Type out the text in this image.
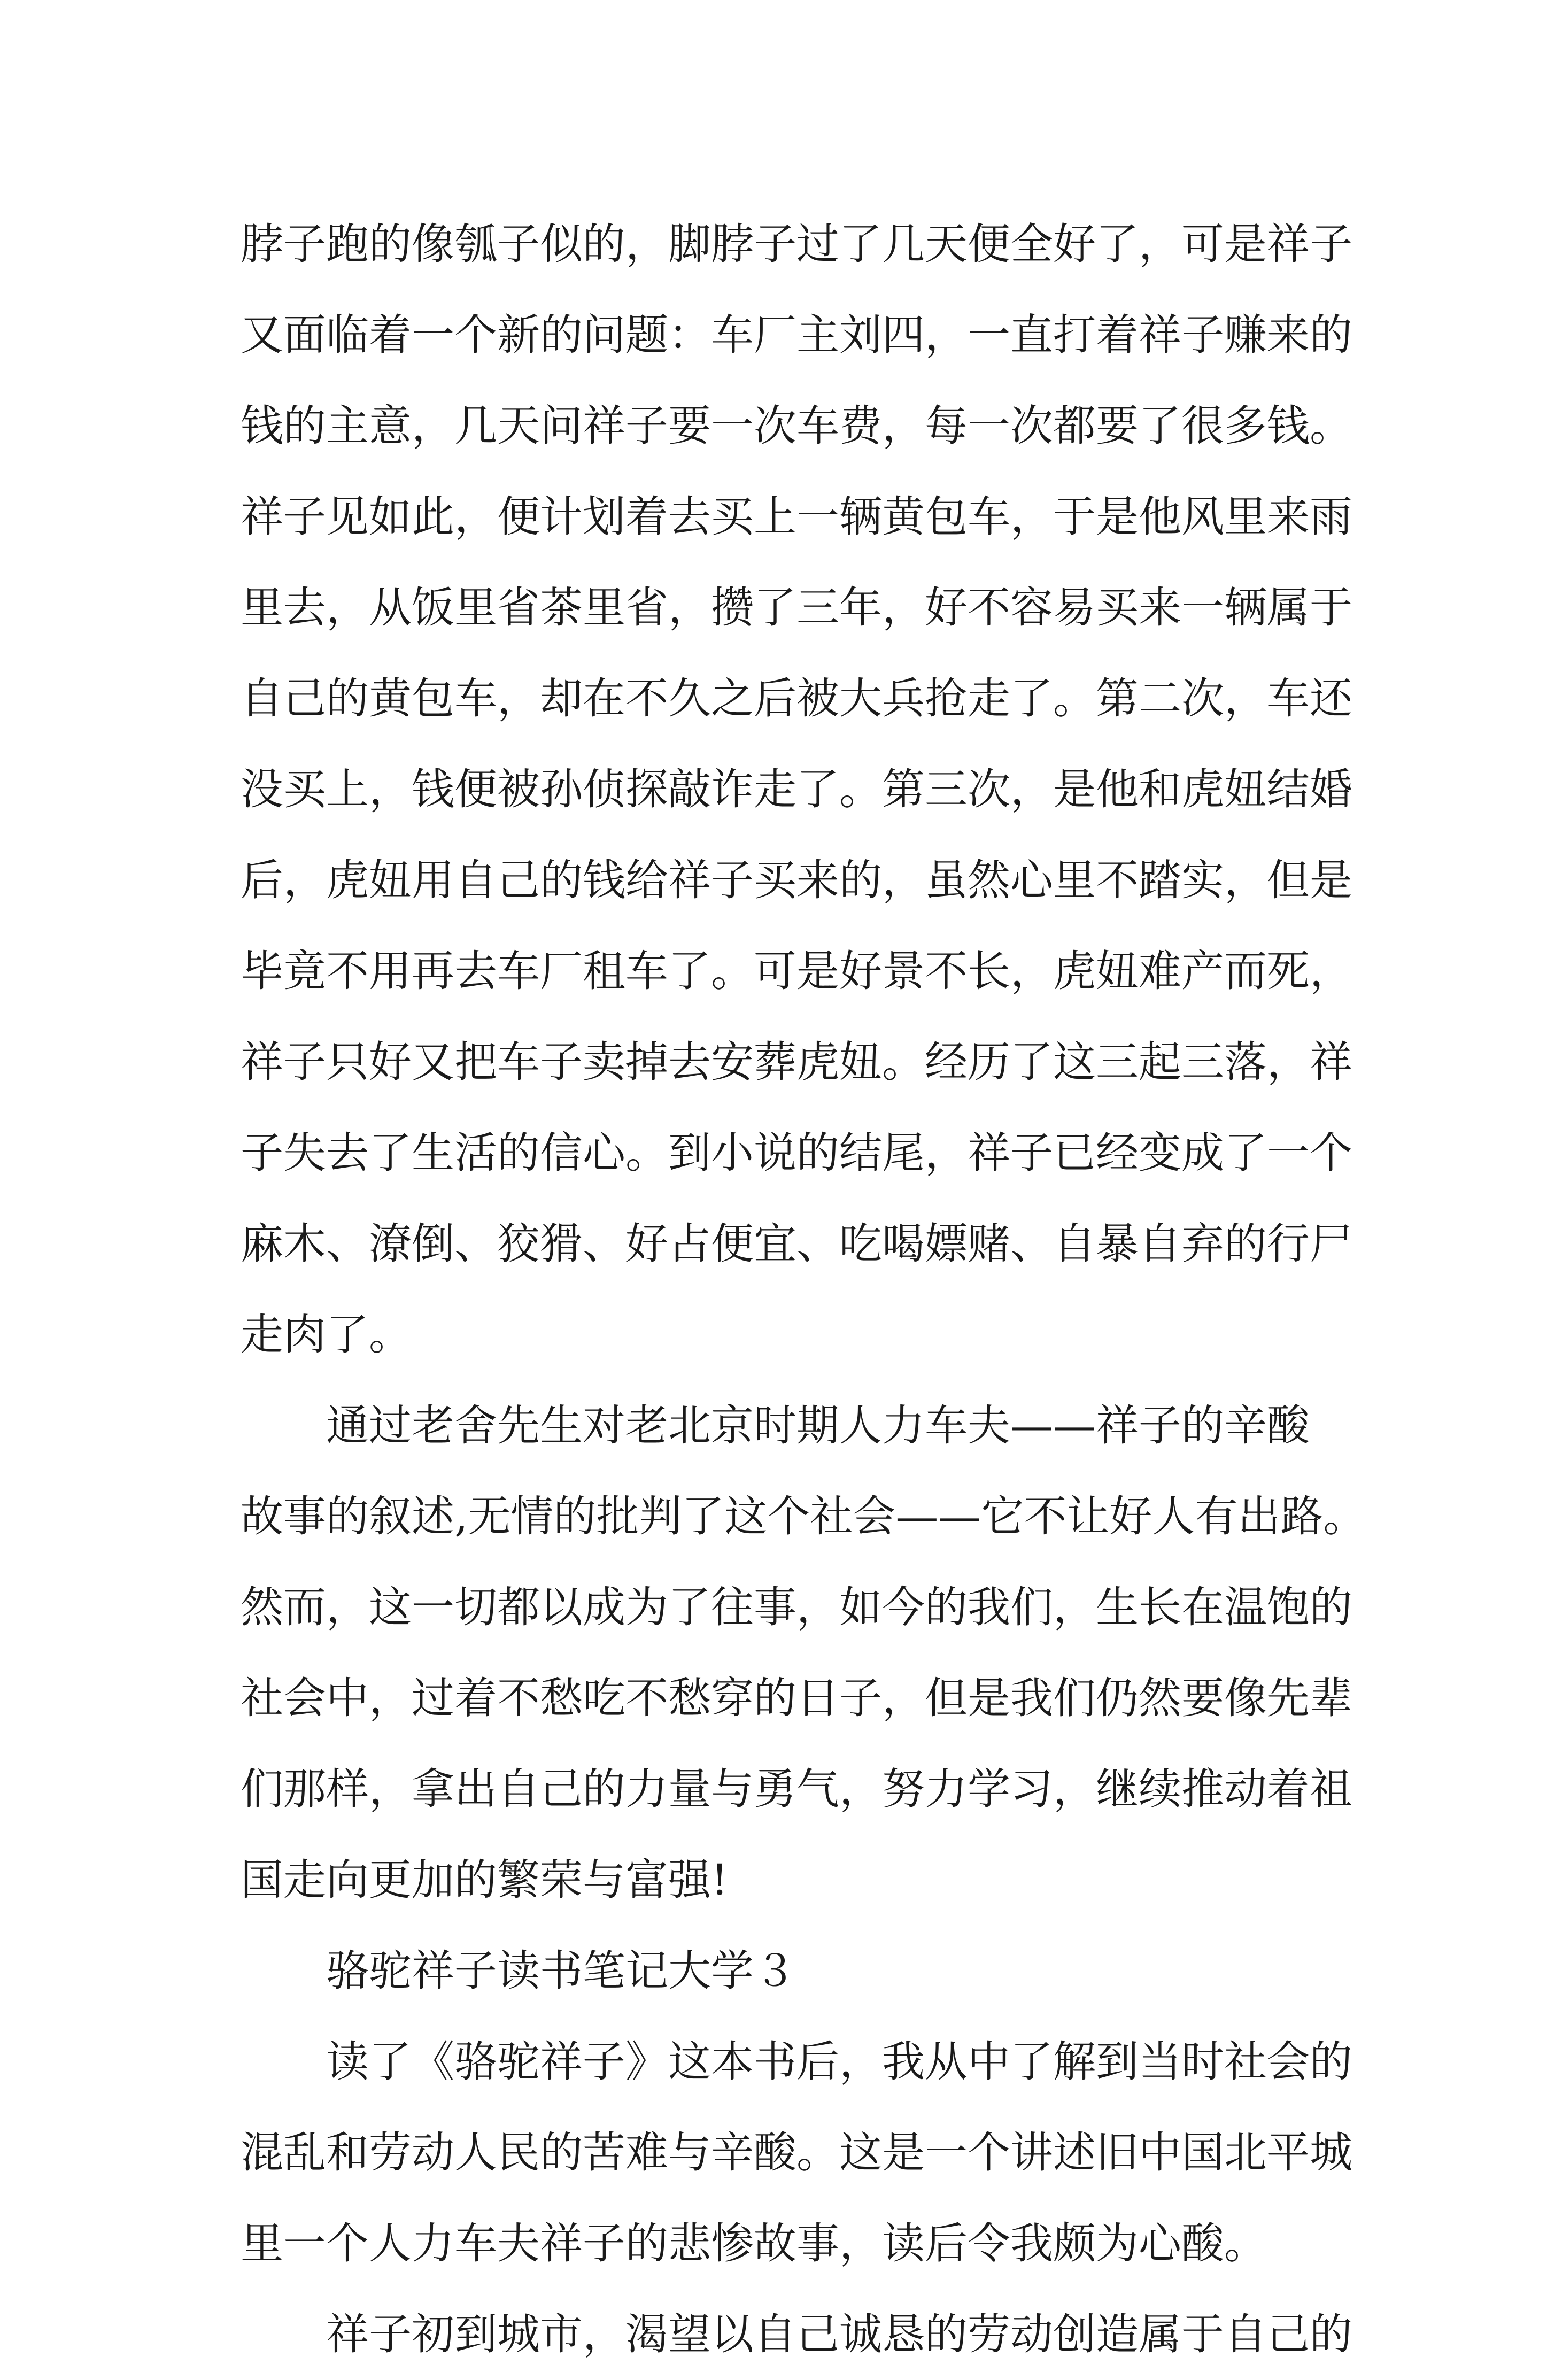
脖子跑的像瓠子似的，脚脖子过了几天便全好了，可是祥子
又面临着一个新的问题：车厂主刘四，一直打着祥子赚来的
钱的主意，几天问祥子要一次车费，每一次都要了很多钱。
祥子见如此，便计划着去买上一辆黄包车，于是他风里来雨
里去，从饭里省茶里省，攒了三年，好不容易买来一辆属于
自己的黄包车，却在不久之后被大兵抢走了。第二次，车还
没买上，钱便被孙侦探敲诈走了。第三次，是他和虎妞结婚
后，虎妞用自己的钱给祥子买来的，虽然心里不踏实，但是
毕竟不用再去车厂租车了。可是好景不长，虎妞难产而死，
祥子只好又把车子卖掉去安葬虎妞。经历了这三起三落，祥
子失去了生活的信心。到小说的结尾，祥子已经变成了一个
麻木、潦倒、狡猾、好占便宜、吃喝嫖赌、自暴自弃的行尸
走肉了。
　　通过老舍先生对老北京时期人力车夫——祥子的辛酸
故事的叙述,无情的批判了这个社会——它不让好人有出路。
然而，这一切都以成为了往事，如今的我们，生长在温饱的
社会中，过着不愁吃不愁穿的日子，但是我们仍然要像先辈
们那样，拿出自己的力量与勇气，努力学习，继续推动着祖
国走向更加的繁荣与富强!
　　骆驼祥子读书笔记大学３
　　读了《骆驼祥子》这本书后，我从中了解到当时社会的
混乱和劳动人民的苦难与辛酸。这是一个讲述旧中国北平城
里一个人力车夫祥子的悲惨故事，读后令我颇为心酸。
　　祥子初到城市，渴望以自己诚恳的劳动创造属于自己的
